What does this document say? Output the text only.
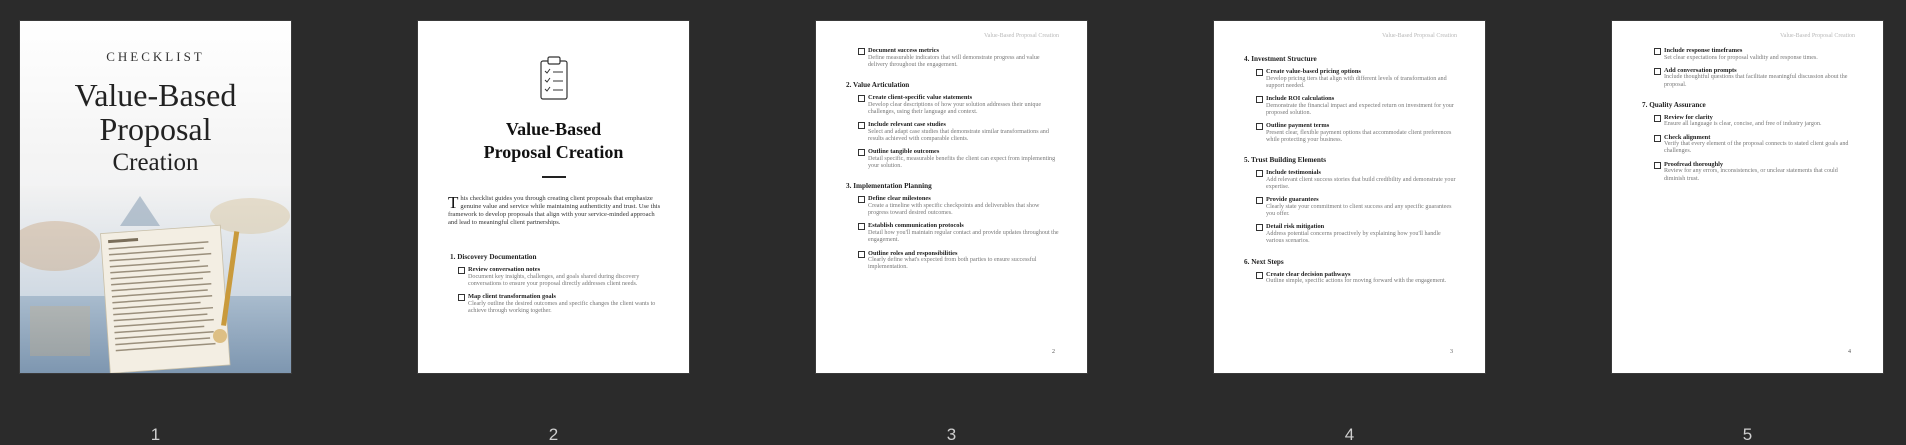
CHECKLIST
Value-Based
Proposal
Creation
1
Value-Based
Proposal Creation
This checklist guides you through creating client proposals that emphasize genuine value and service while maintaining authenticity and trust. Use this framework to develop proposals that align with your service-minded approach and lead to meaningful client partnerships.
1. Discovery Documentation
Review conversation notes
Document key insights, challenges, and goals shared during discovery conversations to ensure your proposal directly addresses client needs.
Map client transformation goals
Clearly outline the desired outcomes and specific changes the client wants to achieve through working together.
2
Value-Based Proposal Creation
Document success metrics
Define measurable indicators that will demonstrate progress and value delivery throughout the engagement.
2. Value Articulation
Create client-specific value statements
Develop clear descriptions of how your solution addresses their unique challenges, using their language and context.
Include relevant case studies
Select and adapt case studies that demonstrate similar transformations and results achieved with comparable clients.
Outline tangible outcomes
Detail specific, measurable benefits the client can expect from implementing your solution.
3. Implementation Planning
Define clear milestones
Create a timeline with specific checkpoints and deliverables that show progress toward desired outcomes.
Establish communication protocols
Detail how you'll maintain regular contact and provide updates throughout the engagement.
Outline roles and responsibilities
Clearly define what's expected from both parties to ensure successful implementation.
2
3
Value-Based Proposal Creation
4. Investment Structure
Create value-based pricing options
Develop pricing tiers that align with different levels of transformation and support needed.
Include ROI calculations
Demonstrate the financial impact and expected return on investment for your proposed solution.
Outline payment terms
Present clear, flexible payment options that accommodate client preferences while protecting your business.
5. Trust Building Elements
Include testimonials
Add relevant client success stories that build credibility and demonstrate your expertise.
Provide guarantees
Clearly state your commitment to client success and any specific guarantees you offer.
Detail risk mitigation
Address potential concerns proactively by explaining how you'll handle various scenarios.
6. Next Steps
Create clear decision pathways
Outline simple, specific actions for moving forward with the engagement.
3
4
Value-Based Proposal Creation
Include response timeframes
Set clear expectations for proposal validity and response times.
Add conversation prompts
Include thoughtful questions that facilitate meaningful discussion about the proposal.
7. Quality Assurance
Review for clarity
Ensure all language is clear, concise, and free of industry jargon.
Check alignment
Verify that every element of the proposal connects to stated client goals and challenges.
Proofread thoroughly
Review for any errors, inconsistencies, or unclear statements that could diminish trust.
4
5
